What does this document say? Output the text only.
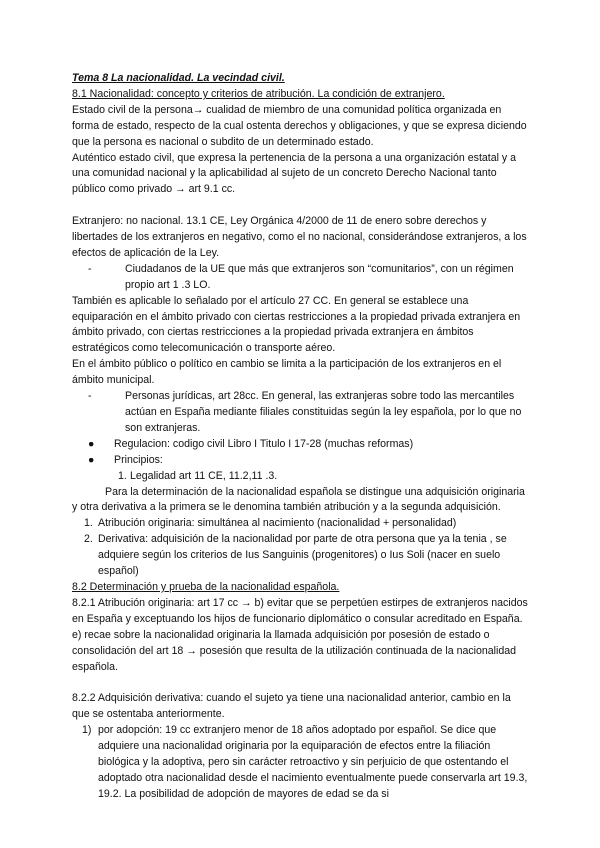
Tema 8 La nacionalidad. La vecindad civil.

8.1 Nacionalidad: concepto y criterios de atribución. La condición de extranjero.

Estado civil de la persona→ cualidad de miembro de una comunidad política organizada en forma de estado, respecto de la cual ostenta derechos y obligaciones, y que se expresa diciendo que la persona es nacional o subdito de un determinado estado.

Auténtico estado civil, que expresa la pertenencia de la persona a una organización estatal y a una comunidad nacional y la aplicabilidad al sujeto de un concreto Derecho Nacional tanto público como privado → art 9.1 cc.

Extranjero: no nacional. 13.1 CE, Ley Orgánica 4/2000 de 11 de enero sobre derechos y libertades de los extranjeros en negativo, como el no nacional, considerándose extranjeros, a los efectos de aplicación de la Ley.

-	Ciudadanos de la UE que más que extranjeros son “comunitarios”, con un régimen propio art 1 .3 LO.

También es aplicable lo señalado por el artículo 27 CC. En general se establece una equiparación en el ámbito privado con ciertas restricciones a la propiedad privada extranjera en ámbito privado, con ciertas restricciones a la propiedad privada extranjera en ámbitos estratégicos como telecomunicación o transporte aéreo.

En el ámbito público o político en cambio se limita a la participación de los extranjeros en el ámbito municipal.

-	Personas jurídicas, art 28cc. En general, las extranjeras sobre todo las mercantiles actúan en España mediante filiales constituidas según la ley española, por lo que no son extranjeras.
●	Regulacion: codigo civil Libro I Titulo I 17-28 (muchas reformas)
●	Principios:
1. Legalidad art 11 CE, 11.2,11 .3.

Para la determinación de la nacionalidad española se distingue una adquisición originaria y otra derivativa a la primera se le denomina también atribución y a la segunda adquisición.

1. Atribución originaria: simultánea al nacimiento (nacionalidad + personalidad)
2. Derivativa: adquisición de la nacionalidad por parte de otra persona que ya la tenia , se adquiere según los criterios de Ius Sanguinis (progenitores) o Ius Soli (nacer en suelo español)

8.2 Determinación y prueba de la nacionalidad española.

8.2.1 Atribución originaria: art 17 cc → b) evitar que se perpetúen estirpes de extranjeros nacidos en España y exceptuando los hijos de funcionario diplomático o consular acreditado en España.

e) recae sobre la nacionalidad originaria la llamada adquisición por posesión de estado o consolidación del art 18 → posesión que resulta de la utilización continuada de la nacionalidad española.

8.2.2 Adquisición derivativa: cuando el sujeto ya tiene una nacionalidad anterior, cambio en la que se ostentaba anteriormente.

1) por adopción: 19 cc extranjero menor de 18 años adoptado por español. Se dice que adquiere una nacionalidad originaria por la equiparación de efectos entre la filiación biológica y la adoptiva, pero sin carácter retroactivo y sin perjuicio de que ostentando el adoptado otra nacionalidad desde el nacimiento eventualmente puede conservarla art 19.3, 19.2. La posibilidad de adopción de mayores de edad se da si
